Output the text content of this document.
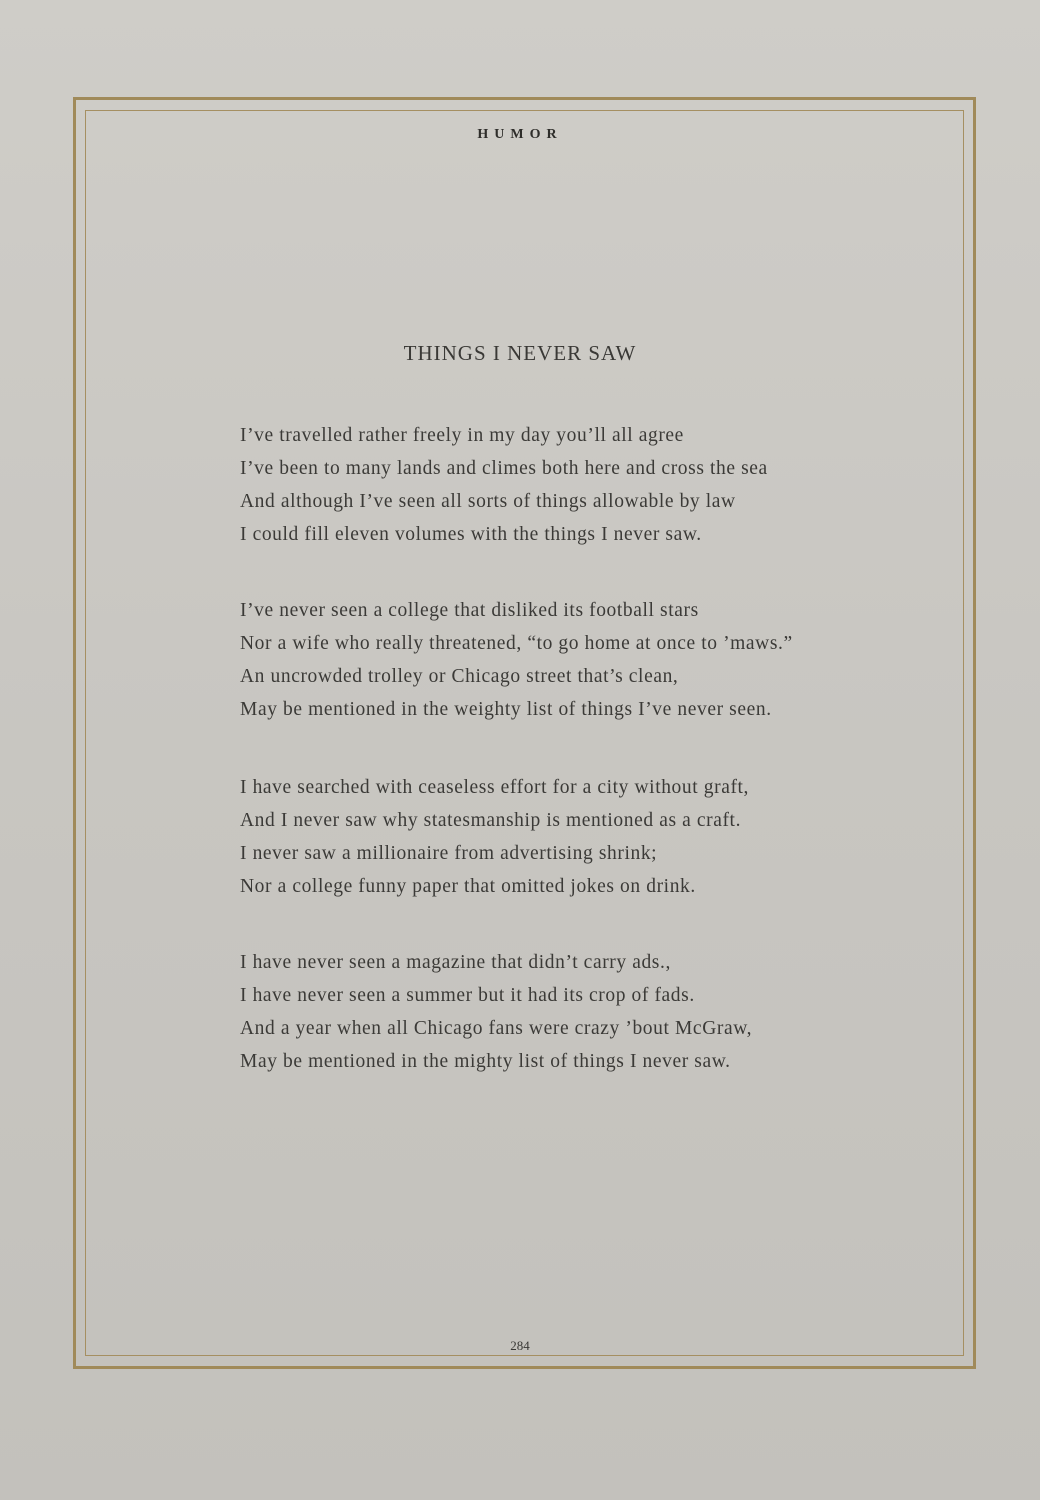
HUMOR
THINGS I NEVER SAW
I’ve travelled rather freely in my day you’ll all agree
I’ve been to many lands and climes both here and cross the sea
And although I’ve seen all sorts of things allowable by law
I could fill eleven volumes with the things I never saw.
I’ve never seen a college that disliked its football stars
Nor a wife who really threatened, “to go home at once to ’maws.”
An uncrowded trolley or Chicago street that’s clean,
May be mentioned in the weighty list of things I’ve never seen.
I have searched with ceaseless effort for a city without graft,
And I never saw why statesmanship is mentioned as a craft.
I never saw a millionaire from advertising shrink;
Nor a college funny paper that omitted jokes on drink.
I have never seen a magazine that didn’t carry ads.,
I have never seen a summer but it had its crop of fads.
And a year when all Chicago fans were crazy ’bout McGraw,
May be mentioned in the mighty list of things I never saw.
284
